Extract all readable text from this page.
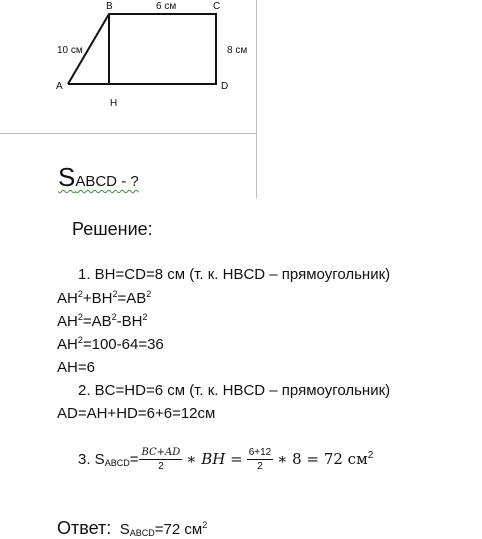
B	C
6 см
8 см
10 см
A	D
H
SABCD - ?
Решение:
1. BH=CD=8 см (т. к. HBCD – прямоугольник)
$AH^2+BH^2=AB^2$
$AH^2=AB^2-BH^2$
$AH^2=100-64=36$
AH=6
2. BC=HD=6 см (т. к. HBCD – прямоугольник)
AD=AH+HD=6+6=12см
3. $S_{ABCD}= \frac{BC+AD}{2}$ ∗ BH = $\frac{6+12}{2}$ ∗ 8 = 72 $см^2$
Ответ: $S_{ABCD}=72$ $см^2$
